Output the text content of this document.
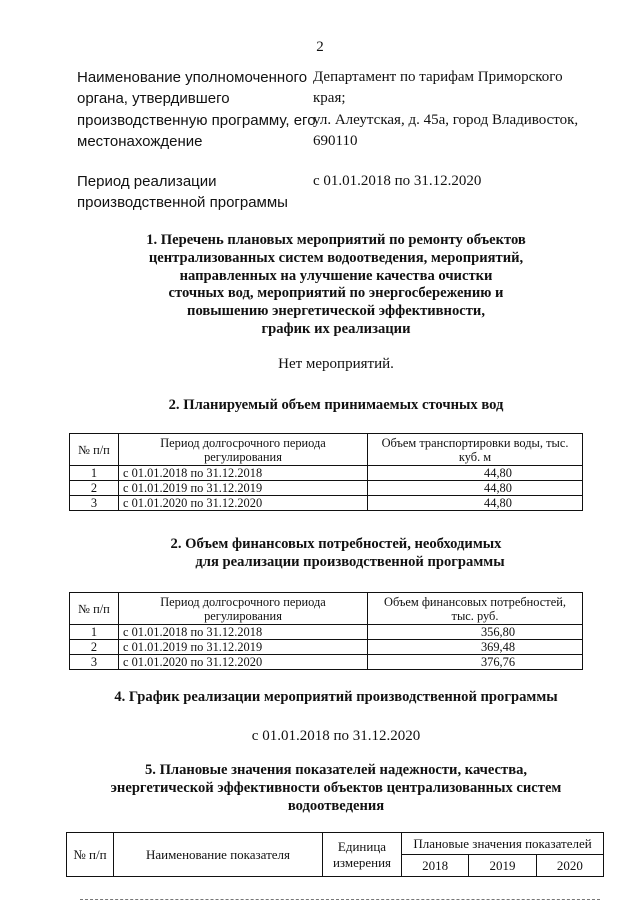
2
Наименование уполномоченного
органа, утвердившего
производственную программу, его
местонахождение
Департамент по тарифам Приморского
края;
ул. Алеутская, д. 45а, город Владивосток,
690110
Период реализации
производственной программы
с 01.01.2018 по 31.12.2020
1. Перечень плановых мероприятий по ремонту объектов
централизованных систем водоотведения, мероприятий,
направленных на улучшение качества очистки
сточных вод, мероприятий по энергосбережению и
повышению энергетической эффективности,
график их реализации
Нет мероприятий.
2. Планируемый объем принимаемых сточных вод
№ п/п	Период долгосрочного периода регулирования	Объем транспортировки воды, тыс. куб. м
1	с 01.01.2018 по 31.12.2018	44,80
2	с 01.01.2019 по 31.12.2019	44,80
3	с 01.01.2020 по 31.12.2020	44,80
2. Объем финансовых потребностей, необходимых
для реализации производственной программы
№ п/п	Период долгосрочного периода регулирования	Объем финансовых потребностей, тыс. руб.
1	с 01.01.2018 по 31.12.2018	356,80
2	с 01.01.2019 по 31.12.2019	369,48
3	с 01.01.2020 по 31.12.2020	376,76
4. График реализации мероприятий производственной программы
с 01.01.2018 по 31.12.2020
5. Плановые значения показателей надежности, качества,
энергетической эффективности объектов централизованных систем
водоотведения
№ п/п	Наименование показателя	Единица измерения	Плановые значения показателей		
			2018	2019	2020
